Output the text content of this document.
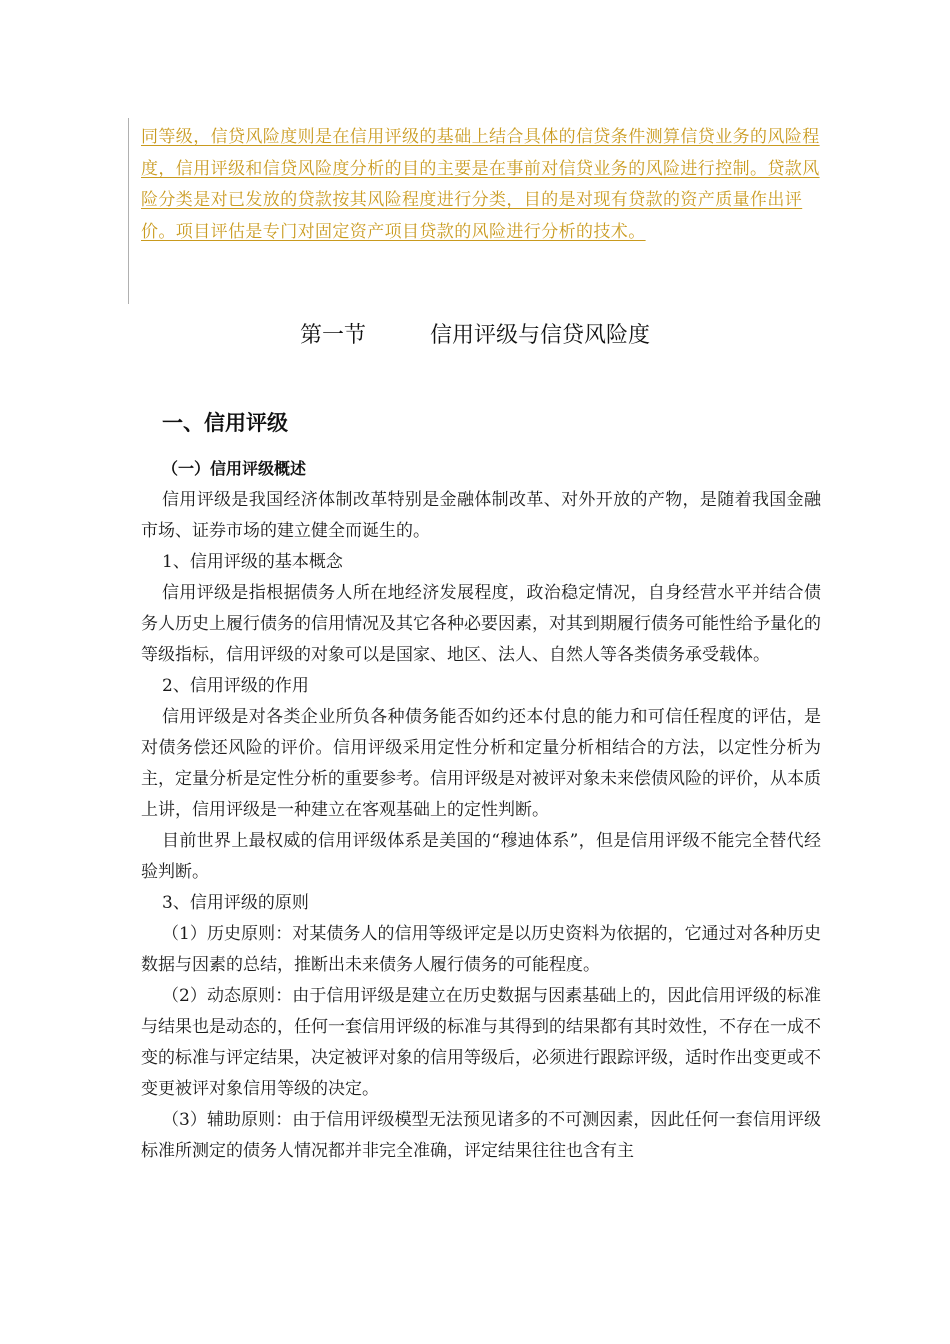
同等级，信贷风险度则是在信用评级的基础上结合具体的信贷条件测算信贷业务的风险程度，信用评级和信贷风险度分析的目的主要是在事前对信贷业务的风险进行控制。贷款风险分类是对已发放的贷款按其风险程度进行分类，目的是对现有贷款的资产质量作出评价。项目评估是专门对固定资产项目贷款的风险进行分析的技术。
第一节	信用评级与信贷风险度
一、信用评级
（一）信用评级概述

信用评级是我国经济体制改革特别是金融体制改革、对外开放的产物，是随着我国金融市场、证券市场的建立健全而诞生的。

1、信用评级的基本概念

信用评级是指根据债务人所在地经济发展程度，政治稳定情况，自身经营水平并结合债务人历史上履行债务的信用情况及其它各种必要因素，对其到期履行债务可能性给予量化的等级指标，信用评级的对象可以是国家、地区、法人、自然人等各类债务承受载体。

2、信用评级的作用

信用评级是对各类企业所负各种债务能否如约还本付息的能力和可信任程度的评估，是对债务偿还风险的评价。信用评级采用定性分析和定量分析相结合的方法，以定性分析为主，定量分析是定性分析的重要参考。信用评级是对被评对象未来偿债风险的评价，从本质上讲，信用评级是一种建立在客观基础上的定性判断。

目前世界上最权威的信用评级体系是美国的“穆迪体系”，但是信用评级不能完全替代经验判断。

3、信用评级的原则

（1）历史原则：对某债务人的信用等级评定是以历史资料为依据的，它通过对各种历史数据与因素的总结，推断出未来债务人履行债务的可能程度。

（2）动态原则：由于信用评级是建立在历史数据与因素基础上的，因此信用评级的标准与结果也是动态的，任何一套信用评级的标准与其得到的结果都有其时效性，不存在一成不变的标准与评定结果，决定被评对象的信用等级后，必须进行跟踪评级，适时作出变更或不变更被评对象信用等级的决定。

（3）辅助原则：由于信用评级模型无法预见诸多的不可测因素，因此任何一套信用评级标准所测定的债务人情况都并非完全准确，评定结果往往也含有主
